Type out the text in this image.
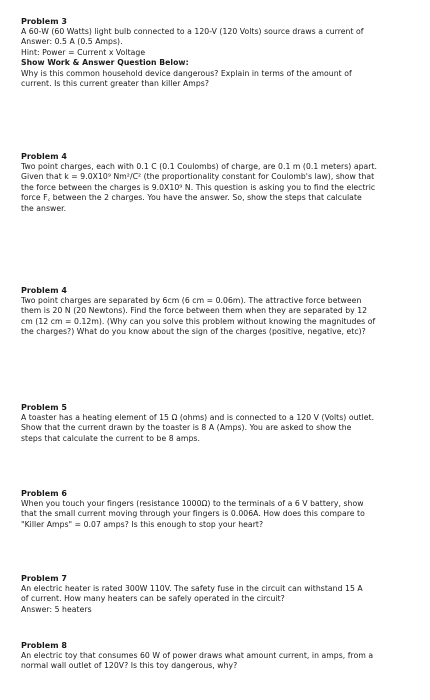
Problem 3

A 60-W (60 Watts) light bulb connected to a 120-V (120 Volts) source draws a current of

Answer: 0.5 A (0.5 Amps).

Hint: Power = Current x Voltage

Show Work & Answer Question Below:

Why is this common household device dangerous? Explain in terms of the amount of

current. Is this current greater than killer Amps?

Problem 4

Two point charges, each with 0.1 C (0.1 Coulombs) of charge, are 0.1 m (0.1 meters) apart.

Given that k = 9.0X10⁹ Nm²/C² (the proportionality constant for Coulomb's law), show that

the force between the charges is 9.0X10⁹ N. This question is asking you to find the electric

force F꜀ between the 2 charges. You have the answer. So, show the steps that calculate

the answer.

Problem 4

Two point charges are separated by 6cm (6 cm = 0.06m). The attractive force between

them is 20 N (20 Newtons). Find the force between them when they are separated by 12

cm (12 cm = 0.12m). (Why can you solve this problem without knowing the magnitudes of

the charges?) What do you know about the sign of the charges (positive, negative, etc)?

Problem 5

A toaster has a heating element of 15 Ω (ohms) and is connected to a 120 V (Volts) outlet.

Show that the current drawn by the toaster is 8 A (Amps). You are asked to show the

steps that calculate the current to be 8 amps.

Problem 6

When you touch your fingers (resistance 1000Ω) to the terminals of a 6 V battery, show

that the small current moving through your fingers is 0.006A. How does this compare to

"Killer Amps" = 0.07 amps? Is this enough to stop your heart?

Problem 7

An electric heater is rated 300W 110V. The safety fuse in the circuit can withstand 15 A

of current. How many heaters can be safely operated in the circuit?

Answer: 5 heaters

Problem 8

An electric toy that consumes 60 W of power draws what amount current, in amps, from a

normal wall outlet of 120V? Is this toy dangerous, why?
